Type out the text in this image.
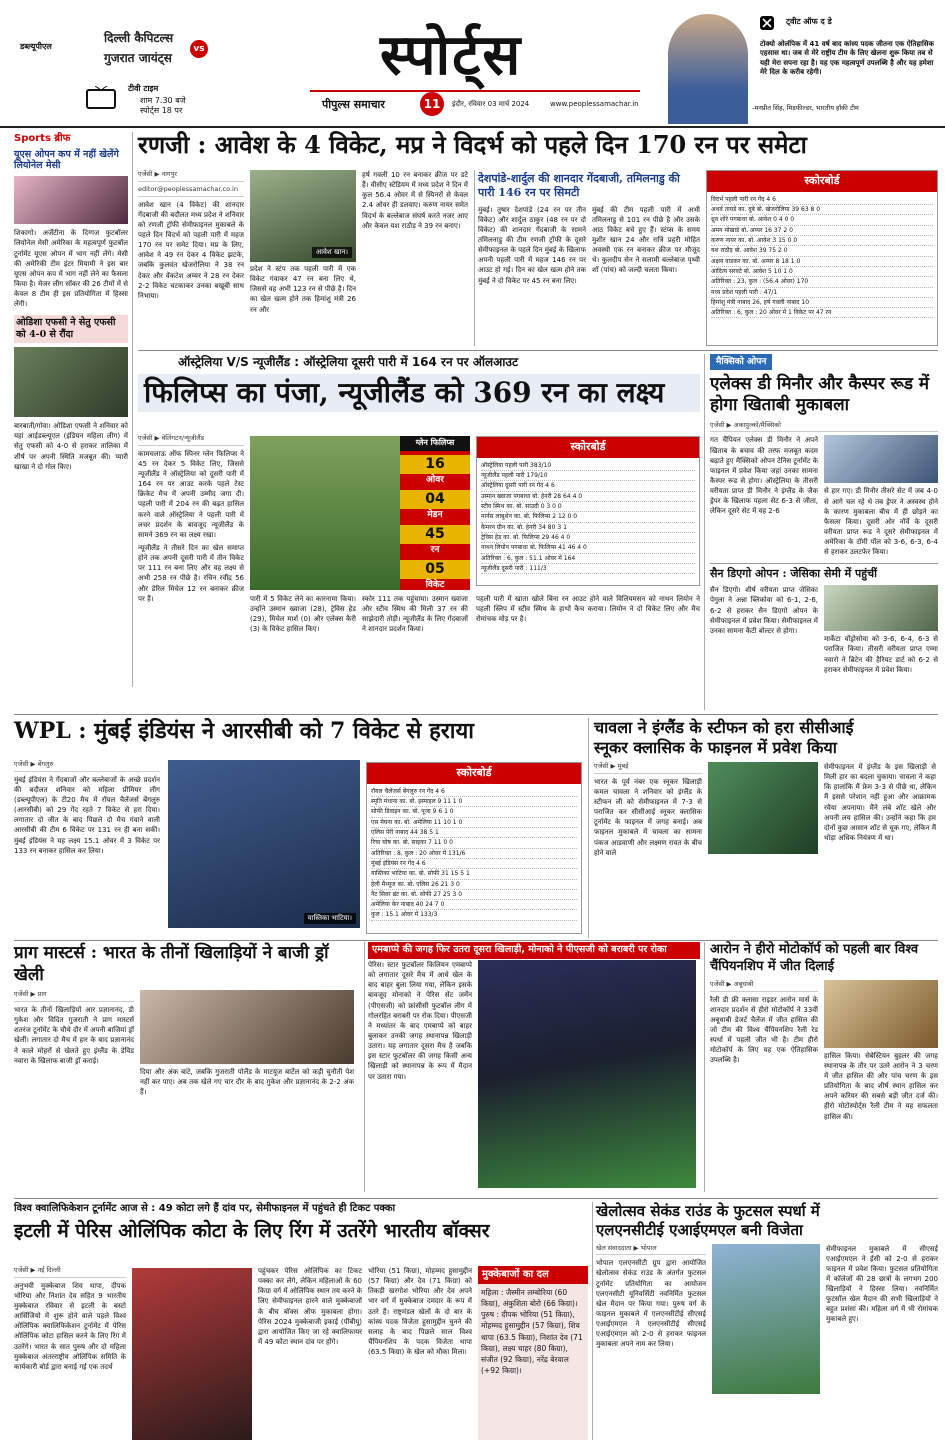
डब्ल्यूपीएल
दिल्ली कैपिटल्स
vs
गुजरात जायंट्स
टीवी टाइम
शाम 7.30 बजे
स्पोर्ट्स 18 पर
स्पोर्ट्स
पीपुल्स समाचार	11	इंदौर, रविवार 03 मार्च 2024	www.peoplessamachar.in
ट्वीट ऑफ द डे
टोक्यो ओलंपिक में 41 वर्ष बाद कांस्य पदक जीतना एक ऐतिहासिक एहसास था। जब से मेरे राष्ट्रीय टीम के लिए खेलना शुरू किया तब से यही मेरा सपना रहा है। यह एक महत्वपूर्ण उपलब्धि है और यह हमेशा मेरे दिल के करीब रहेगी।
-मनप्रीत सिंह, मिडफील्डर, भारतीय हॉकी टीम
Sports ब्रीफ
यूएस ओपन कप में नहीं खेलेंगे लियोनेल मेसी

शिकागो। अर्जेंटीना के दिग्गज फुटबॉलर लियोनेल मेसी अमेरिका के महत्वपूर्ण फुटबॉल टूर्नामेंट यूएस ओपन में भाग नहीं लेंगे। मेसी की अमेरिकी टीम इंटर मियामी ने इस बार यूएस ओपन कप में भाग नहीं लेने का फैसला किया है। मेजर लीग सॉकर की 26 टीमों में से केवल 8 टीम ही इस प्रतियोगिता में हिस्सा लेंगी।

ओडिशा एफसी ने सेतु एफसी को 4-0 से रौंदा

बारबाती/गोवा। ओडिशा एफसी ने शनिवार को यहां आईडब्ल्यूएल (इंडियन महिला लीग) में सेतु एफसी को 4-0 से हराकर तालिका में शीर्ष पर अपनी स्थिति मजबूत की। प्यारी खाखा ने दो गोल किए।

रणजी : आवेश के 4 विकेट, मप्र ने विदर्भ को पहले दिन 170 रन पर समेटा
एजेंसी ▶ नागपुर
editor@peoplessamachar.co.in

आवेश खान (4 विकेट) की शानदार गेंदबाजी की बदौलत मध्य प्रदेश ने शनिवार को रणजी ट्रॉफी सेमीफाइनल मुकाबले के पहले दिन विदर्भ को पहली पारी में महज 170 रन पर समेट दिया। मप्र के लिए, आवेश ने 49 रन देकर 4 विकेट झटके, जबकि कुलवंत खेजरोलिया ने 38 रन देकर और वेंकटेश अय्यर ने 28 रन देकर 2-2 विकेट चटकाकर उनका बखूबी साथ निभाया।

आवेश खान।

प्रदेश ने स्टंप तक पहली पारी में एक विकेट गंवाकर 47 रन बना लिए थे, जिससे वह अभी 123 रन से पीछे है। दिन का खेल खत्म होने तक हिमांशु मंत्री 26 रन और

हर्ष गवली 10 रन बनाकर क्रीज पर डटे हैं। वीसीए स्टेडियम में मध्य प्रदेश ने दिन में कुल 56.4 ओवर में से स्पिनरों से केवल 2.4 ओवर ही डलवाए। करुण नायर समेत विदर्भ के बल्लेबाज संघर्ष करते नजर आए और केवल यश राठौड़ ने 39 रन बनाए।

देशपांडे-शार्दुल की शानदार गेंदबाजी, तमिलनाडु की पारी 146 रन पर सिमटी

मुंबई। तुषार देशपांडे (24 रन पर तीन विकेट) और शार्दुल ठाकुर (48 रन पर दो विकेट) की शानदार गेंदबाजी के सामने तमिलनाडु की टीम रणजी ट्रॉफी के दूसरे सेमीफाइनल के पहले दिन मुंबई के खिलाफ अपनी पहली पारी में महज 146 रन पर आउट हो गई। दिन का खेल खत्म होने तक मुंबई ने दो विकेट पर 45 रन बना लिए।

मुंबई की टीम पहली पारी में अभी तमिलनाडु से 101 रन पीछे है और उसके आठ विकेट बचे हुए हैं। स्टंप्स के समय मुशीर खान 24 और रात्रि प्रहरी मोहित अवस्थी एक रन बनाकर क्रीज पर मौजूद थे। कुलदीप सेन ने सलामी बल्लेबाज पृथ्वी शॉ (पांच) को जल्दी चलता किया।

स्कोरबोर्ड
विदर्भ पहली पारी रन गेंद 4 6
अथर्व तायडे का. दुबे बो. खेजरोलिया 39 63 8 0
ध्रुव शोरे पगबाधा बो. आवेश 0 4 0 0
अमन मोखाडे बो. अय्यर 16 37 2 0
करुण नायर का. बो. आवेश 3 15 0 0
यश राठौड़ बो. आवेश 39 75 2 0
अक्षय वाडकर का. बो. अय्यर 8 18 1 0
आदित्य सरवटे बो. आवेश 5 10 1 0
अतिरिक्त : 23, कुल : (56.4 ओवर) 170
मध्य प्रदेश पहली पारी : 47/1
हिमांशु मंत्री नाबाद 26, हर्ष गवली नाबाद 10
अतिरिक्त : 6, कुल : 20 ओवर में 1 विकेट पर 47 रन
ऑस्ट्रेलिया V/S न्यूजीलैंड : ऑस्ट्रेलिया दूसरी पारी में 164 रन पर ऑलआउट
फिलिप्स का पंजा, न्यूजीलैंड को 369 रन का लक्ष्य
एजेंसी ▶ वेलिंगटन/न्यूजीलैंड

कामचलाऊ ऑफ स्पिनर ग्लेन फिलिप्स ने 45 रन देकर 5 विकेट लिए, जिससे न्यूजीलैंड ने ऑस्ट्रेलिया को दूसरी पारी में 164 रन पर आउट करके पहले टेस्ट क्रिकेट मैच में अपनी उम्मीद जगा दी। पहली पारी में 204 रन की बढ़त हासिल करने वाले ऑस्ट्रेलिया ने पहली पारी में लचर प्रदर्शन के बावजूद न्यूजीलैंड के सामने 369 रन का लक्ष्य रखा।

न्यूजीलैंड ने तीसरे दिन का खेल समाप्त होने तक अपनी दूसरी पारी में तीन विकेट पर 111 रन बना लिए और वह लक्ष्य से अभी 258 रन पीछे है। रचिन रवींद्र 56 और डेरिल मिचेल 12 रन बनाकर क्रीज पर हैं।

ग्लेन फिलिप्स
16
ओवर
04
मेडन
45
रन
05
विकेट

पारी में 5 विकेट लेने का कारनामा किया। उन्होंने उस्मान ख्वाजा (28), ट्रेविस हेड (29), मिचेल मार्श (0) और एलेक्स कैरी (3) के विकेट हासिल किए।

स्कोर 111 तक पहुंचाया। उस्मान ख्वाजा और स्टीव स्मिथ की मिली 37 रन की साझेदारी तोड़ी। न्यूजीलैंड के लिए गेंदबाजों ने शानदार प्रदर्शन किया।

स्कोरबोर्ड
ऑस्ट्रेलिया पहली पारी 383/10
न्यूजीलैंड पहली पारी 179/10
ऑस्ट्रेलिया दूसरी पारी रन गेंद 4 6
उस्मान ख्वाजा पगबाधा बो. हेनरी 28 64 4 0
स्टीव स्मिथ का. बो. साउदी 0 3 0 0
मार्नस लाबुशेन का. बो. फिलिप्स 2 12 0 0
कैमरन ग्रीन का. बो. हेनरी 34 80 3 1
ट्रेविस हेड का. बो. फिलिप्स 29 46 4 0
नाथन लियोन पगबाधा बो. फिलिप्स 41 46 4 0
अतिरिक्त : 6, कुल : 51.1 ओवर में 164
न्यूजीलैंड दूसरी पारी : 111/3

पहली पारी में खाता खोले बिना रन आउट होने वाले विलियमसन को नाथन लियोन ने पहली स्लिप में स्टीव स्मिथ के हाथों कैच कराया। लियोन ने दो विकेट लिए और मैच रोमांचक मोड़ पर है।

मैक्सिको ओपन
एलेक्स डी मिनौर और कैस्पर रूड में होगा खिताबी मुकाबला
एजेंसी ▶ अकापुल्को/मैक्सिको

गत चैंपियन एलेक्स डी मिनौर ने अपने खिताब के बचाव की तरफ मजबूत कदम बढ़ाते हुए मैक्सिको ओपन टेनिस टूर्नामेंट के फाइनल में प्रवेश किया जहां उनका सामना कैस्पर रूड से होगा। ऑस्ट्रेलिया के तीसरी वरीयता प्राप्त डी मिनौर ने इंग्लैंड के जैक ड्रेपर के खिलाफ पहला सेट 6-3 से जीता, लेकिन दूसरे सेट में वह 2-6

से हार गए। डी मिनौर तीसरे सेट में जब 4-0 से आगे चल रहे थे तब ड्रेपर ने अस्वस्थ होने के कारण मुकाबला बीच में ही छोड़ने का फैसला किया। दूसरी ओर नॉर्वे के दूसरी वरीयता प्राप्त रूड ने दूसरे सेमीफाइनल में अमेरिका के टॉमी पॉल को 3-6, 6-3, 6-4 से हराकर उलटफेर किया।

सैन डिएगो ओपन : जेसिका सेमी में पहुंचीं

सैन डिएगो। शीर्ष वरीयता प्राप्त जेसिका पेगुला ने अन्ना ब्लिंकोवा को 6-1, 2-6, 6-2 से हराकर सैन डिएगो ओपन के सेमीफाइनल में प्रवेश किया। सेमीफाइनल में उनका सामना कैटी बोल्टर से होगा।

मार्केटा वोंड्रोसोवा को 3-6, 6-4, 6-3 से पराजित किया। तीसरी वरीयता प्राप्त एम्मा नवारो ने ब्रिटेन की हैरियट डार्ट को 6-2 से हराकर सेमीफाइनल में प्रवेश किया।

WPL : मुंबई इंडियंस ने आरसीबी को 7 विकेट से हराया
एजेंसी ▶ बेंगलुरु

मुंबई इंडियंस ने गेंदबाजों और बल्लेबाजों के अच्छे प्रदर्शन की बदौलत शनिवार को महिला प्रीमियर लीग (डब्ल्यूपीएल) के टी20 मैच में रॉयल चैलेंजर्स बेंगलुरु (आरसीबी) को 29 गेंद रहते 7 विकेट से हरा दिया। लगातार दो जीत के बाद पिछले दो मैच गंवाने वाली आरसीबी की टीम 6 विकेट पर 131 रन ही बना सकी। मुंबई इंडियंस ने यह लक्ष्य 15.1 ओवर में 3 विकेट पर 133 रन बनाकर हासिल कर लिया।

यास्तिका भाटिया।
स्कोरबोर्ड
रॉयल चैलेंजर्स बेंगलुरु रन गेंद 4 6
स्मृति मंधाना का. बो. इस्माइल 9 11 1 0
सोफी डिवाइन का. बो. पूजा 9 6 1 0
एस मेघना का. बो. अमेलिया 11 10 1 0
एलिस पेरी नाबाद 44 38 5 1
रिचा घोष का. बो. साइका 7 11 0 0
अतिरिक्त : 8, कुल : 20 ओवर में 131/6
मुंबई इंडियंस रन गेंद 4 6
यास्तिका भाटिया का. बो. सोफी 31 15 5 1
हेली मैथ्यूज का. बो. एलिस 26 21 3 0
नैट सिवर ब्रंट का. बो. सोफी 27 25 3 0
अमेलिया केर नाबाद 40 24 7 0
कुल : 15.1 ओवर में 133/3
चावला ने इंग्लैंड के स्टीफन को हरा सीसीआई
स्नूकर क्लासिक के फाइनल में प्रवेश किया
एजेंसी ▶ मुंबई

भारत के पूर्व नंबर एक स्नूकर खिलाड़ी कमल चावला ने शनिवार को इंग्लैंड के स्टीफन ली को सेमीफाइनल में 7-3 से पराजित कर सीसीआई स्नूकर क्लासिक टूर्नामेंट के फाइनल में जगह बनाई। अब फाइनल मुकाबले में चावला का सामना पंकज आडवाणी और लक्ष्मण रावत के बीच होने वाले

सेमीफाइनल में इंग्लैंड के इस खिलाड़ी से मिली हार का बदला चुकाया। चावला ने कहा कि हालांकि मैं फ्रेम 3-3 से पीछे था, लेकिन मैं इससे परेशान नहीं हुआ और आक्रामक रवैया अपनाया। मैंने लंबे शॉट खेले और अपनी लय हासिल की। उन्होंने कहा कि हम दोनों कुछ आसान शॉट से चूक गए, लेकिन मैं थोड़ा अधिक नियंत्रण में था।

प्राग मास्टर्स : भारत के तीनों खिलाड़ियों ने बाजी ड्रॉ खेली
एजेंसी ▶ प्राग

भारत के तीनों खिलाड़ियों आर प्रज्ञानानंद, डी गुकेश और विदित गुजराती ने प्राग मास्टर्स शतरंज टूर्नामेंट के चौथे दौर में अपनी बाजियां ड्रॉ खेलीं। लगातार दो मैच में हार के बाद प्रज्ञानानंद ने काले मोहरों से खेलते हुए इंग्लैंड के डेविड नवारा के खिलाफ बाजी ड्रॉ कराई।

दिया और अंक बांटे, जबकि गुजराती पोलैंड के माटयूज बार्टेल को कड़ी चुनौती पेश नहीं कर पाए। अब तक खेले गए चार दौर के बाद गुकेश और प्रज्ञानानंद के 2-2 अंक हैं।

एमबाप्पे की जगह फिर उतरा दूसरा खिलाड़ी, मोनाको ने पीएसजी को बराबरी पर रोका

पेरिस। स्टार फुटबॉलर किलियन एमबाप्पे को लगातार दूसरे मैच में आधे खेल के बाद बाहर बुला लिया गया, लेकिन इसके बावजूद मोनाको ने पेरिस सेंट जर्मेन (पीएसजी) को फ्रांसीसी फुटबॉल लीग में गोलरहित बराबरी पर रोक दिया। पीएसजी ने मध्यांतर के बाद एमबाप्पे को बाहर बुलाकर उनकी जगह स्थानापन्न खिलाड़ी उतारा। यह लगातार दूसरा मैच है जबकि इस स्टार फुटबॉलर की जगह किसी अन्य खिलाड़ी को स्थानापन्न के रूप में मैदान पर उतारा गया।

आरोन ने हीरो मोटोकॉर्प को पहली बार विश्व चैंपियनशिप में जीत दिलाई
एजेंसी ▶ अबूधाबी

रैली डी फ्री क्लासा राइडर आरोन मार्स के शानदार प्रदर्शन से हीरो मोटोकॉर्प ने 33वीं अबूधाबी डेजर्ट चैलेंज में जीत हासिल की जो टीम की विश्व चैंपियनशिप रैली रेड स्पर्धा में पहली जीत भी है। टीम हीरो मोटोकॉर्प के लिए यह एक ऐतिहासिक उपलब्धि है।

हासिल किया। सेबेस्टियन बुहलर की जगह स्थानापन्न के तौर पर उतरे आरोन ने 3 चरण में जीत हासिल की और पांच चरण के इस प्रतियोगिता के बाद शीर्ष स्थान हासिल कर अपने करियर की सबसे बड़ी जीत दर्ज की। हीरो मोटोस्पोर्ट्स रैली टीम ने यह सफलता हासिल की।

विश्व क्वालिफिकेशन टूर्नामेंट आज से : 49 कोटा लगे हैं दांव पर, सेमीफाइनल में पहुंचते ही टिकट पक्का
इटली में पेरिस ओलिंपिक कोटा के लिए रिंग में उतरेंगे भारतीय बॉक्सर
एजेंसी ▶ नई दिल्ली

अनुभवी मुक्केबाज शिव थापा, दीपक भोरिया और निशांत देव सहित 9 भारतीय मुक्केबाज रविवार से इटली के बस्टो आर्सिजियो में शुरू होने वाले पहले विश्व ओलिंपिक क्वालिफिकेशन टूर्नामेंट में पेरिस ओलिंपिक कोटा हासिल करने के लिए रिंग में उतरेंगे। भारत के सात पुरुष और दो महिला मुक्केबाज अंतरराष्ट्रीय ओलिंपिक समिति के कार्यकारी बोर्ड द्वारा बनाई गई एक तदर्थ

पहुंचकर पेरिस ओलिंपिक का टिकट पक्का कर लेंगे, लेकिन महिलाओं के 60 किग्रा वर्ग में ओलिंपिक स्थान तय करने के लिए सेमीफाइनल हारने वाले मुक्केबाजों के बीच बॉक्स ऑफ मुकाबला होगा। पेरिस 2024 मुक्केबाजी इकाई (पीबीयू) द्वारा आयोजित किए जा रहे क्वालिफायर में 49 कोटा स्थान दांव पर होंगे।

भोरिया (51 किग्रा), मोहम्मद हुसामुद्दीन (57 किग्रा) और देव (71 किग्रा) को तिकड़ी खरगोश भोरिया और देव अपने भार वर्ग में मुक्केबाज दमदार के रूप में उतरे हैं। राष्ट्रमंडल खेलों के दो बार के कांस्य पदक विजेता हुसामुद्दीन चुनने की सलाह के बाद पिछले साल विश्व चैंपियनशिप के पदक विजेता थापा (63.5 किग्रा) के खेल को मौका मिला।

मुक्केबाजों का दल

महिला : जैस्मीन लम्बोरिया (60 किग्रा), अंकुशिता बोरो (66 किग्रा)। पुरुष : दीपक भोरिया (51 किग्रा), मोहम्मद हुसामुद्दीन (57 किग्रा), शिव थापा (63.5 किग्रा), निशांत देव (71 किग्रा), लक्ष्य चाहर (80 किग्रा), संजीत (92 किग्रा), नरेंद्र बेरवाल (+92 किग्रा)।

खेलोत्सव सेकंड राउंड के फुटसल स्पर्धा में
एलएनसीटीई एआईएमएल बनी विजेता
खेल संवाददाता ▶ भोपाल

भोपाल एलएनसीटी ग्रुप द्वारा आयोजित खेलोत्सव सेकंड राउंड के अंतर्गत फुटसल टूर्नामेंट प्रतियोगिता का आयोजन एलएनसीटी यूनिवर्सिटी नवनिर्मित फुटसल खेल मैदान पर किया गया। पुरुष वर्ग के फाइनल मुकाबले में एलएनसीटीई सीएसई एआईएमएल ने एलएनसीटीई सीएसई एआईएमएल को 2-0 से हराकर फाइनल मुकाबला अपने नाम कर लिया।

सेमीफाइनल मुकाबले में सीएसई एआईएमएल ने ईसी को 2-0 से हराकर फाइनल में प्रवेश किया। फुटसल प्रतियोगिता में कॉलेजों की 28 छात्रों के लगभग 200 खिलाड़ियों ने हिस्सा लिया। नवनिर्मित फुटसॉल खेल मैदान की सभी खिलाड़ियों ने बहुत प्रशंसा की। महिला वर्ग में भी रोमांचक मुकाबले हुए।
